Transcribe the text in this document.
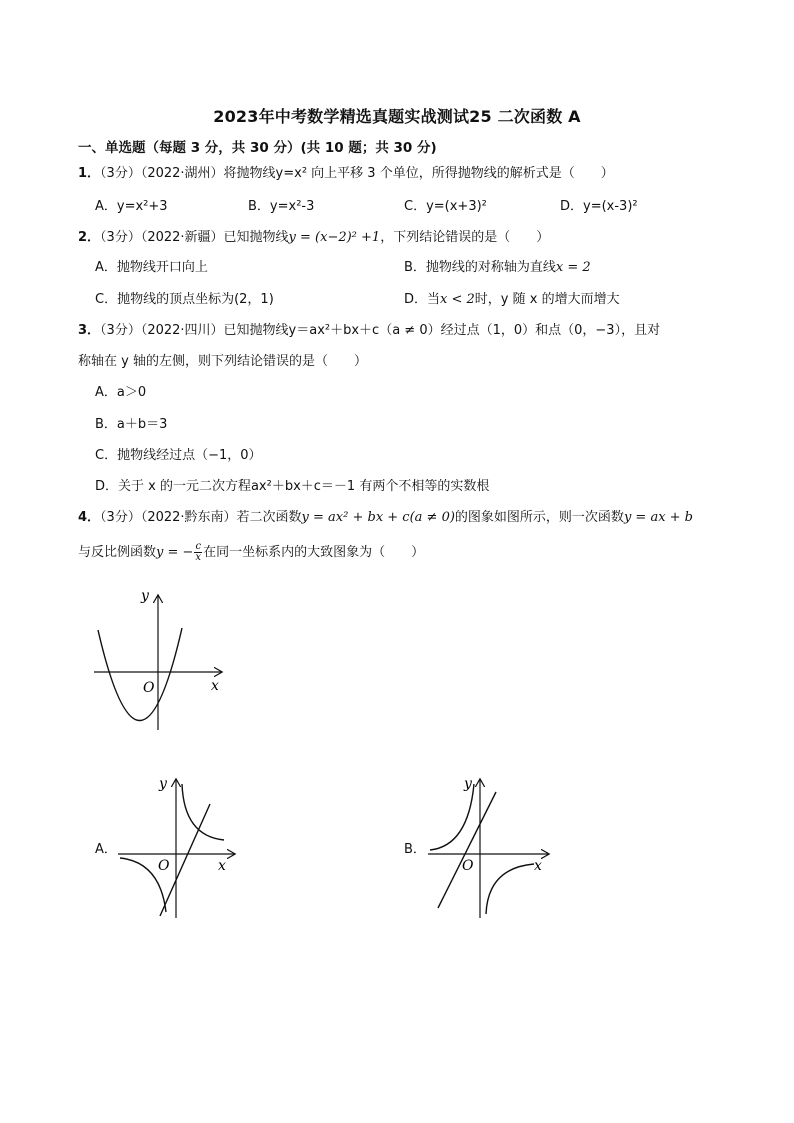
2023年中考数学精选真题实战测试25 二次函数 A
一、单选题（每题 3 分，共 30 分）(共 10 题；共 30 分)
1．（3分）（2022·湖州）将抛物线y=x² 向上平移 3 个单位，所得抛物线的解析式是（　　）
A．y=x²+3	B．y=x²-3	C．y=(x+3)²	D．y=(x-3)²
2．（3分）（2022·新疆）已知抛物线y = (x−2)² +1，下列结论错误的是（　　）
A．抛物线开口向上	B．抛物线的对称轴为直线x = 2
C．抛物线的顶点坐标为(2，1)	D．当x < 2时，y 随 x 的增大而增大
3．（3分）（2022·四川）已知抛物线y＝ax²＋bx＋c（a ≠ 0）经过点（1，0）和点（0，−3），且对
称轴在 y 轴的左侧，则下列结论错误的是（　　）
A．a＞0
B．a＋b＝3
C．抛物线经过点（−1，0）
D．关于 x 的一元二次方程ax²＋bx＋c＝－1 有两个不相等的实数根
4．（3分）（2022·黔东南）若二次函数y = ax² + bx + c(a ≠ 0)的图象如图所示，则一次函数y = ax + b
与反比例函数y = − $\frac{c}{x}$ 在同一坐标系内的大致图象为（　　）
y
x
O
A．
y
x
O
B．
y
x
O
